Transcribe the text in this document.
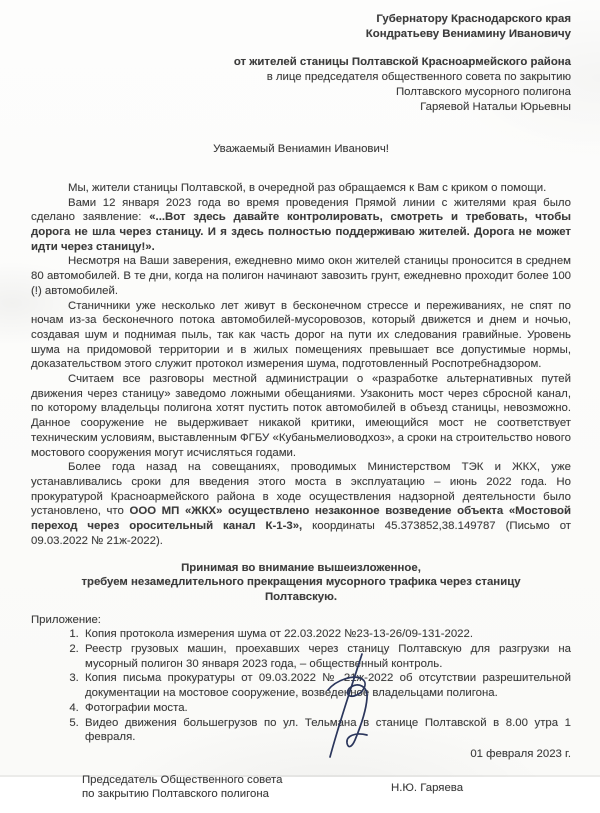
Губернатору Краснодарского края
Кондратьеву Вениамину Ивановичу
от жителей станицы Полтавской Красноармейского района
в лице председателя общественного совета по закрытию
Полтавского мусорного полигона
Гаряевой Натальи Юрьевны
Уважаемый Вениамин Иванович!

Мы, жители станицы Полтавской, в очередной раз обращаемся к Вам с криком о помощи.

Вами 12 января 2023 года во время проведения Прямой линии с жителями края было сделано заявление: «...Вот здесь давайте контролировать, смотреть и требовать, чтобы дорога не шла через станицу. И я здесь полностью поддерживаю жителей. Дорога не может идти через станицу!».

Несмотря на Ваши заверения, ежедневно мимо окон жителей станицы проносится в среднем 80 автомобилей. В те дни, когда на полигон начинают завозить грунт, ежедневно проходит более 100 (!) автомобилей.

Станичники уже несколько лет живут в бесконечном стрессе и переживаниях, не спят по ночам из-за бесконечного потока автомобилей-мусоровозов, который движется и днем и ночью, создавая шум и поднимая пыль, так как часть дорог на пути их следования гравийные. Уровень шума на придомовой территории и в жилых помещениях превышает все допустимые нормы, доказательством этого служит протокол измерения шума, подготовленный Роспотребнадзором.

Считаем все разговоры местной администрации о «разработке альтернативных путей движения через станицу» заведомо ложными обещаниями. Узаконить мост через сбросной канал, по которому владельцы полигона хотят пустить поток автомобилей в объезд станицы, невозможно. Данное сооружение не выдерживает никакой критики, имеющийся мост не соответствует техническим условиям, выставленным ФГБУ «Кубаньмелиоводхоз», а сроки на строительство нового мостового сооружения могут исчисляться годами.

Более года назад на совещаниях, проводимых Министерством ТЭК и ЖКХ, уже устанавливались сроки для введения этого моста в эксплуатацию – июнь 2022 года. Но прокуратурой Красноармейского района в ходе осуществления надзорной деятельности было установлено, что ООО МП «ЖКХ» осуществлено незаконное возведение объекта «Мостовой переход через оросительный канал К-1-3», координаты 45.373852,38.149787 (Письмо от 09.03.2022 № 21ж-2022).

Принимая во внимание вышеизложенное,
требуем незамедлительного прекращения мусорного трафика через станицу Полтавскую.
Приложение:
1. Копия протокола измерения шума от 22.03.2022 №23-13-26/09-131-2022.
2. Реестр грузовых машин, проехавших через станицу Полтавскую для разгрузки на мусорный полигон 30 января 2023 года, – общественный контроль.
3. Копия письма прокуратуры от 09.03.2022 № 21ж-2022 об отсутствии разрешительной документации на мостовое сооружение, возведенное владельцами полигона.
4. Фотографии моста.
5. Видео движения большегрузов по ул. Тельмана в станице Полтавской в 8.00 утра 1 февраля.
01 февраля 2023 г.
Председатель Общественного совета
по закрытию Полтавского полигона
Н.Ю. Гаряева
